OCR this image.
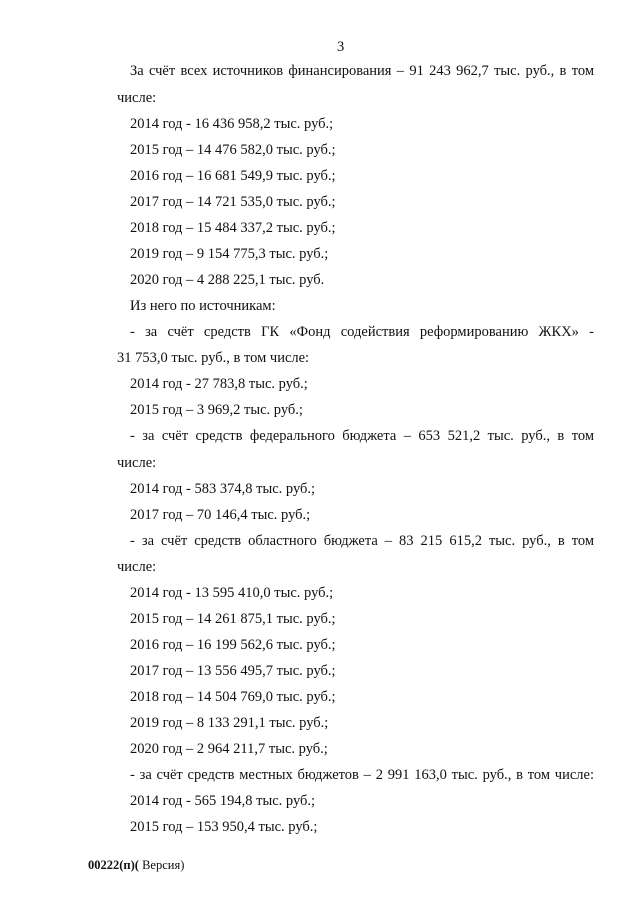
3
За счёт всех источников финансирования – 91 243 962,7 тыс. руб., в том
числе:
2014 год - 16 436 958,2 тыс. руб.;
2015 год – 14 476 582,0 тыс. руб.;
2016 год – 16 681 549,9 тыс. руб.;
2017 год – 14 721 535,0 тыс. руб.;
2018 год – 15 484 337,2 тыс. руб.;
2019 год – 9 154 775,3 тыс. руб.;
2020 год – 4 288 225,1 тыс. руб.
Из него по источникам:
- за счёт средств ГК «Фонд содействия реформированию ЖКХ» -
31 753,0 тыс. руб., в том числе:
2014 год - 27 783,8 тыс. руб.;
2015 год – 3 969,2 тыс. руб.;
- за счёт средств федерального бюджета – 653 521,2 тыс. руб., в том
числе:
2014 год - 583 374,8 тыс. руб.;
2017 год – 70 146,4 тыс. руб.;
- за счёт средств областного бюджета – 83 215 615,2 тыс. руб., в том
числе:
2014 год - 13 595 410,0 тыс. руб.;
2015 год – 14 261 875,1 тыс. руб.;
2016 год – 16 199 562,6 тыс. руб.;
2017 год – 13 556 495,7 тыс. руб.;
2018 год – 14 504 769,0 тыс. руб.;
2019 год – 8 133 291,1 тыс. руб.;
2020 год – 2 964 211,7 тыс. руб.;
- за счёт средств местных бюджетов – 2 991 163,0 тыс. руб., в том числе:
2014 год - 565 194,8 тыс. руб.;
2015 год – 153 950,4 тыс. руб.;
00222(п)( Версия)
